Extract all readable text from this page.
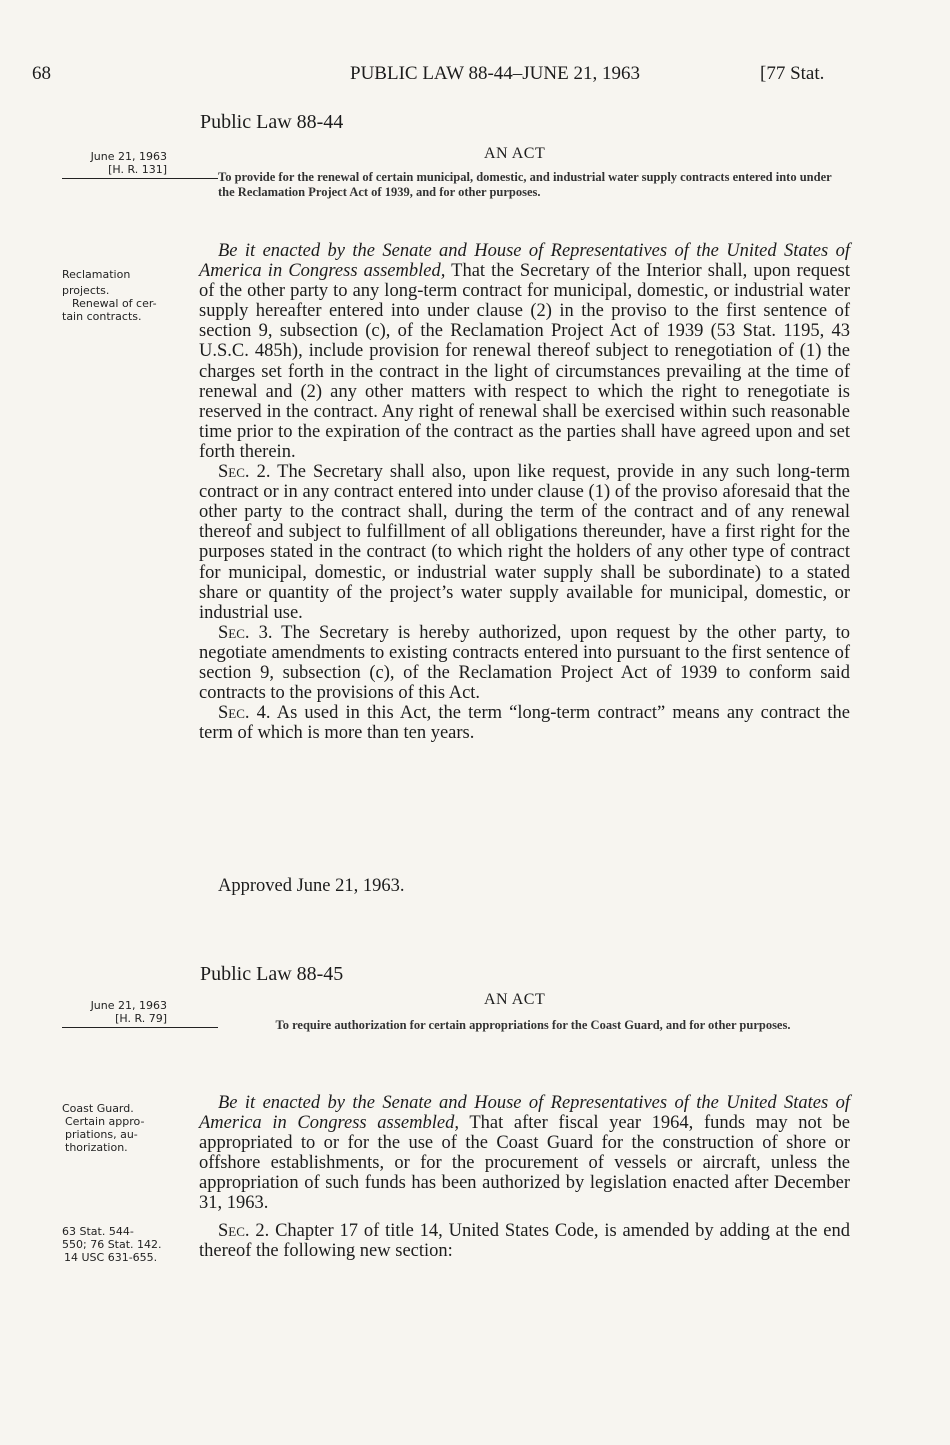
68	PUBLIC LAW 88-44–JUNE 21, 1963	[77 Stat.
Public Law 88-44
AN ACT
June 21, 1963
[H. R. 131]
To provide for the renewal of certain municipal, domestic, and industrial water supply contracts entered into under the Reclamation Project Act of 1939, and for other purposes.
Reclamation
projects.
Renewal of cer-
tain contracts.

Be it enacted by the Senate and House of Representatives of the United States of America in Congress assembled, That the Secretary of the Interior shall, upon request of the other party to any long-term contract for municipal, domestic, or industrial water supply hereafter entered into under clause (2) in the proviso to the first sentence of section 9, subsection (c), of the Reclamation Project Act of 1939 (53 Stat. 1195, 43 U.S.C. 485h), include provision for renewal thereof subject to renegotiation of (1) the charges set forth in the contract in the light of circumstances prevailing at the time of renewal and (2) any other matters with respect to which the right to renegotiate is reserved in the contract. Any right of renewal shall be exercised within such reasonable time prior to the expiration of the contract as the parties shall have agreed upon and set forth therein.

Sec. 2. The Secretary shall also, upon like request, provide in any such long-term contract or in any contract entered into under clause (1) of the proviso aforesaid that the other party to the contract shall, during the term of the contract and of any renewal thereof and subject to fulfillment of all obligations thereunder, have a first right for the purposes stated in the contract (to which right the holders of any other type of contract for municipal, domestic, or industrial water supply shall be subordinate) to a stated share or quantity of the project’s water supply available for municipal, domestic, or industrial use.

Sec. 3. The Secretary is hereby authorized, upon request by the other party, to negotiate amendments to existing contracts entered into pursuant to the first sentence of section 9, subsection (c), of the Reclamation Project Act of 1939 to conform said contracts to the provisions of this Act.

Sec. 4. As used in this Act, the term “long-term contract” means any contract the term of which is more than ten years.

Approved June 21, 1963.
Public Law 88-45
AN ACT
June 21, 1963
[H. R. 79]	To require authorization for certain appropriations for the Coast Guard, and for other purposes.
Coast Guard.
Certain appro-
priations, au-
thorization.

Be it enacted by the Senate and House of Representatives of the United States of America in Congress assembled, That after fiscal year 1964, funds may not be appropriated to or for the use of the Coast Guard for the construction of shore or offshore establishments, or for the procurement of vessels or aircraft, unless the appropriation of such funds has been authorized by legislation enacted after December 31, 1963.

63 Stat. 544-
550; 76 Stat. 142.
14 USC 631-655.

Sec. 2. Chapter 17 of title 14, United States Code, is amended by adding at the end thereof the following new section:
